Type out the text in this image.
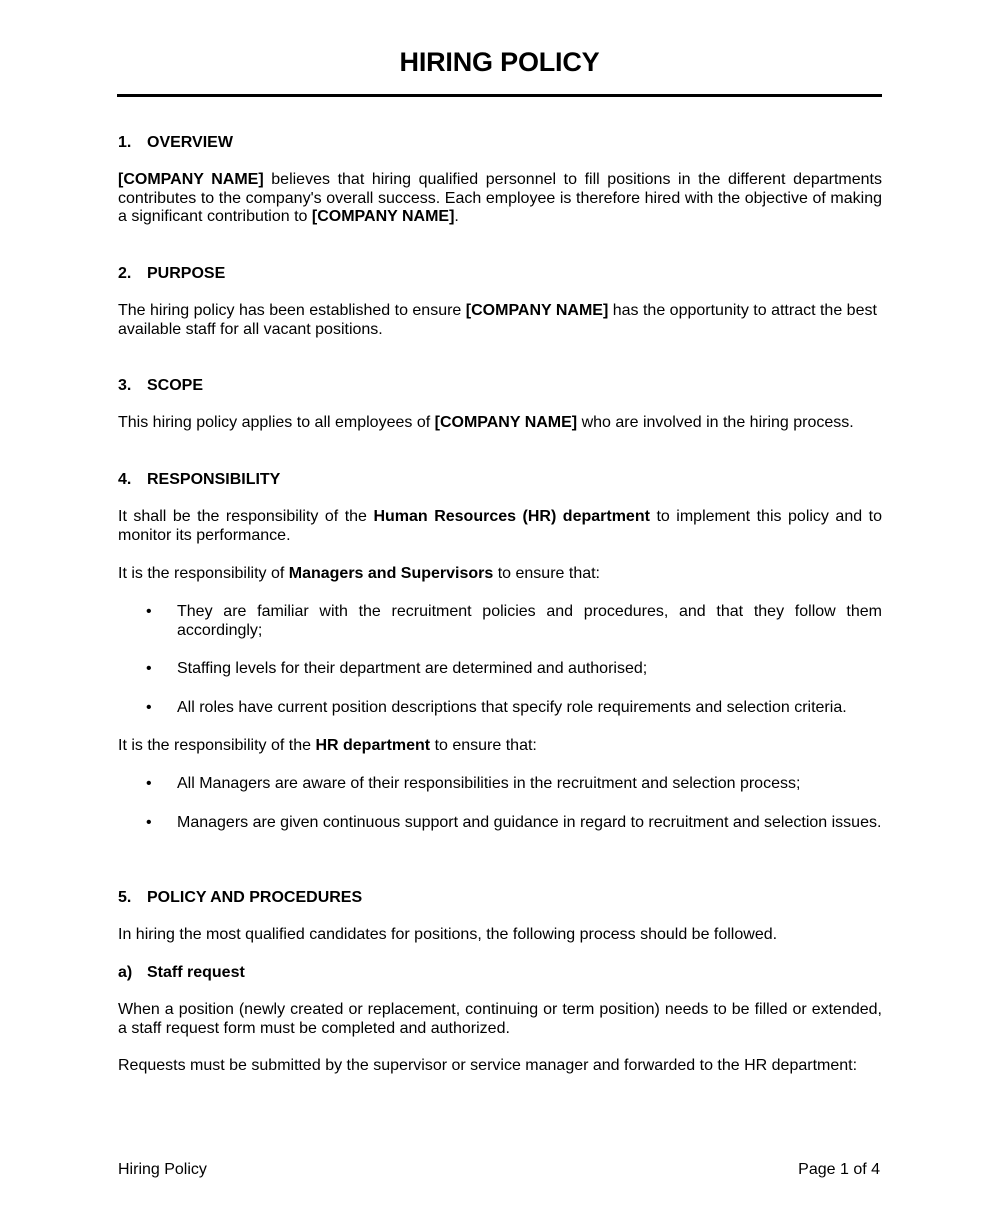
HIRING POLICY
1. OVERVIEW
[COMPANY NAME] believes that hiring qualified personnel to fill positions in the different departments contributes to the company's overall success. Each employee is therefore hired with the objective of making a significant contribution to [COMPANY NAME].
2. PURPOSE
The hiring policy has been established to ensure [COMPANY NAME] has the opportunity to attract the best available staff for all vacant positions.
3. SCOPE
This hiring policy applies to all employees of [COMPANY NAME] who are involved in the hiring process.
4. RESPONSIBILITY
It shall be the responsibility of the Human Resources (HR) department to implement this policy and to monitor its performance.
It is the responsibility of Managers and Supervisors to ensure that:
• They are familiar with the recruitment policies and procedures, and that they follow them accordingly;
• Staffing levels for their department are determined and authorised;
• All roles have current position descriptions that specify role requirements and selection criteria.
It is the responsibility of the HR department to ensure that:
• All Managers are aware of their responsibilities in the recruitment and selection process;
• Managers are given continuous support and guidance in regard to recruitment and selection issues.
5. POLICY AND PROCEDURES
In hiring the most qualified candidates for positions, the following process should be followed.
a) Staff request
When a position (newly created or replacement, continuing or term position) needs to be filled or extended, a staff request form must be completed and authorized.
Requests must be submitted by the supervisor or service manager and forwarded to the HR department:
Hiring Policy	Page 1 of 4
